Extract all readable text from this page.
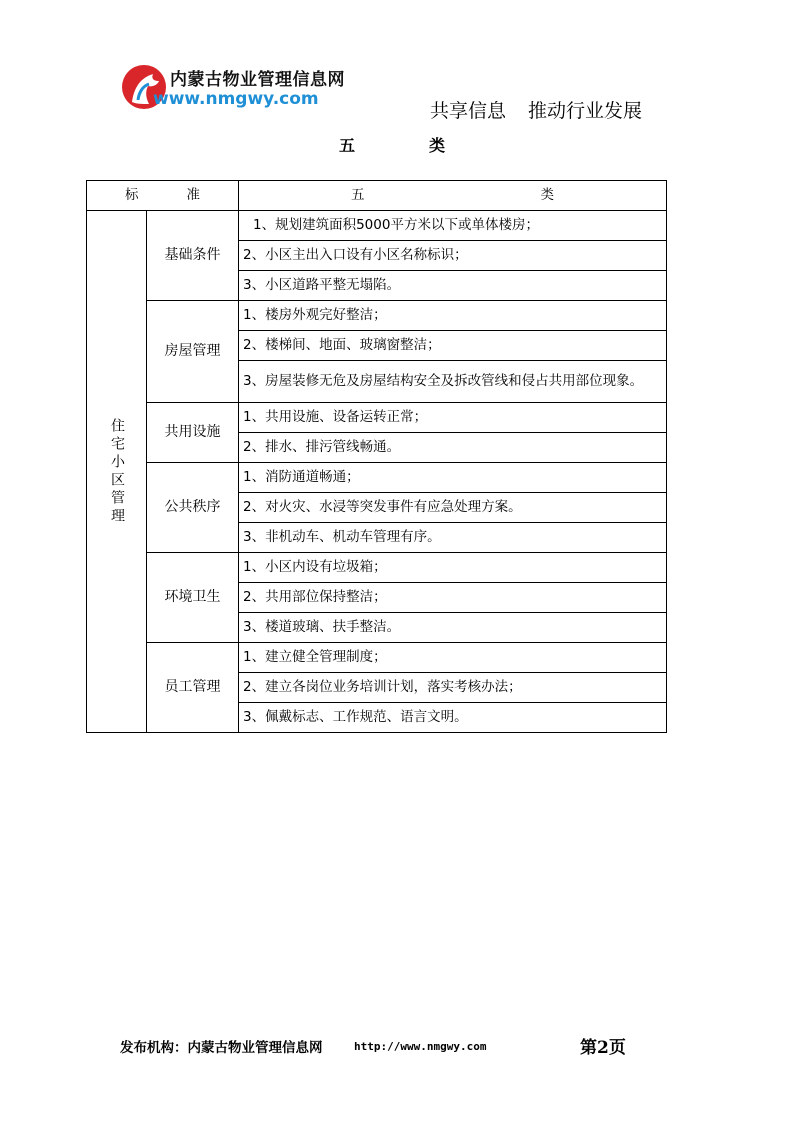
内蒙古物业管理信息网
www.nmgwy.com
共享信息 推动行业发展
五	类
标 准		五 类

住宅小区管理	基础条件	1、规划建筑面积5000平方米以下或单体楼房；
		2、小区主出入口设有小区名称标识；
		3、小区道路平整无塌陷。
	房屋管理	1、楼房外观完好整洁；
		2、楼梯间、地面、玻璃窗整洁；
		3、房屋装修无危及房屋结构安全及拆改管线和侵占共用部位现象。
	共用设施	1、共用设施、设备运转正常；
		2、排水、排污管线畅通。
	公共秩序	1、消防通道畅通；
		2、对火灾、水浸等突发事件有应急处理方案。
		3、非机动车、机动车管理有序。
	环境卫生	1、小区内设有垃圾箱；
		2、共用部位保持整洁；
		3、楼道玻璃、扶手整洁。
	员工管理	1、建立健全管理制度；
		2、建立各岗位业务培训计划，落实考核办法；
		3、佩戴标志、工作规范、语言文明。
发布机构：内蒙古物业管理信息网	http://www.nmgwy.com	第2页
